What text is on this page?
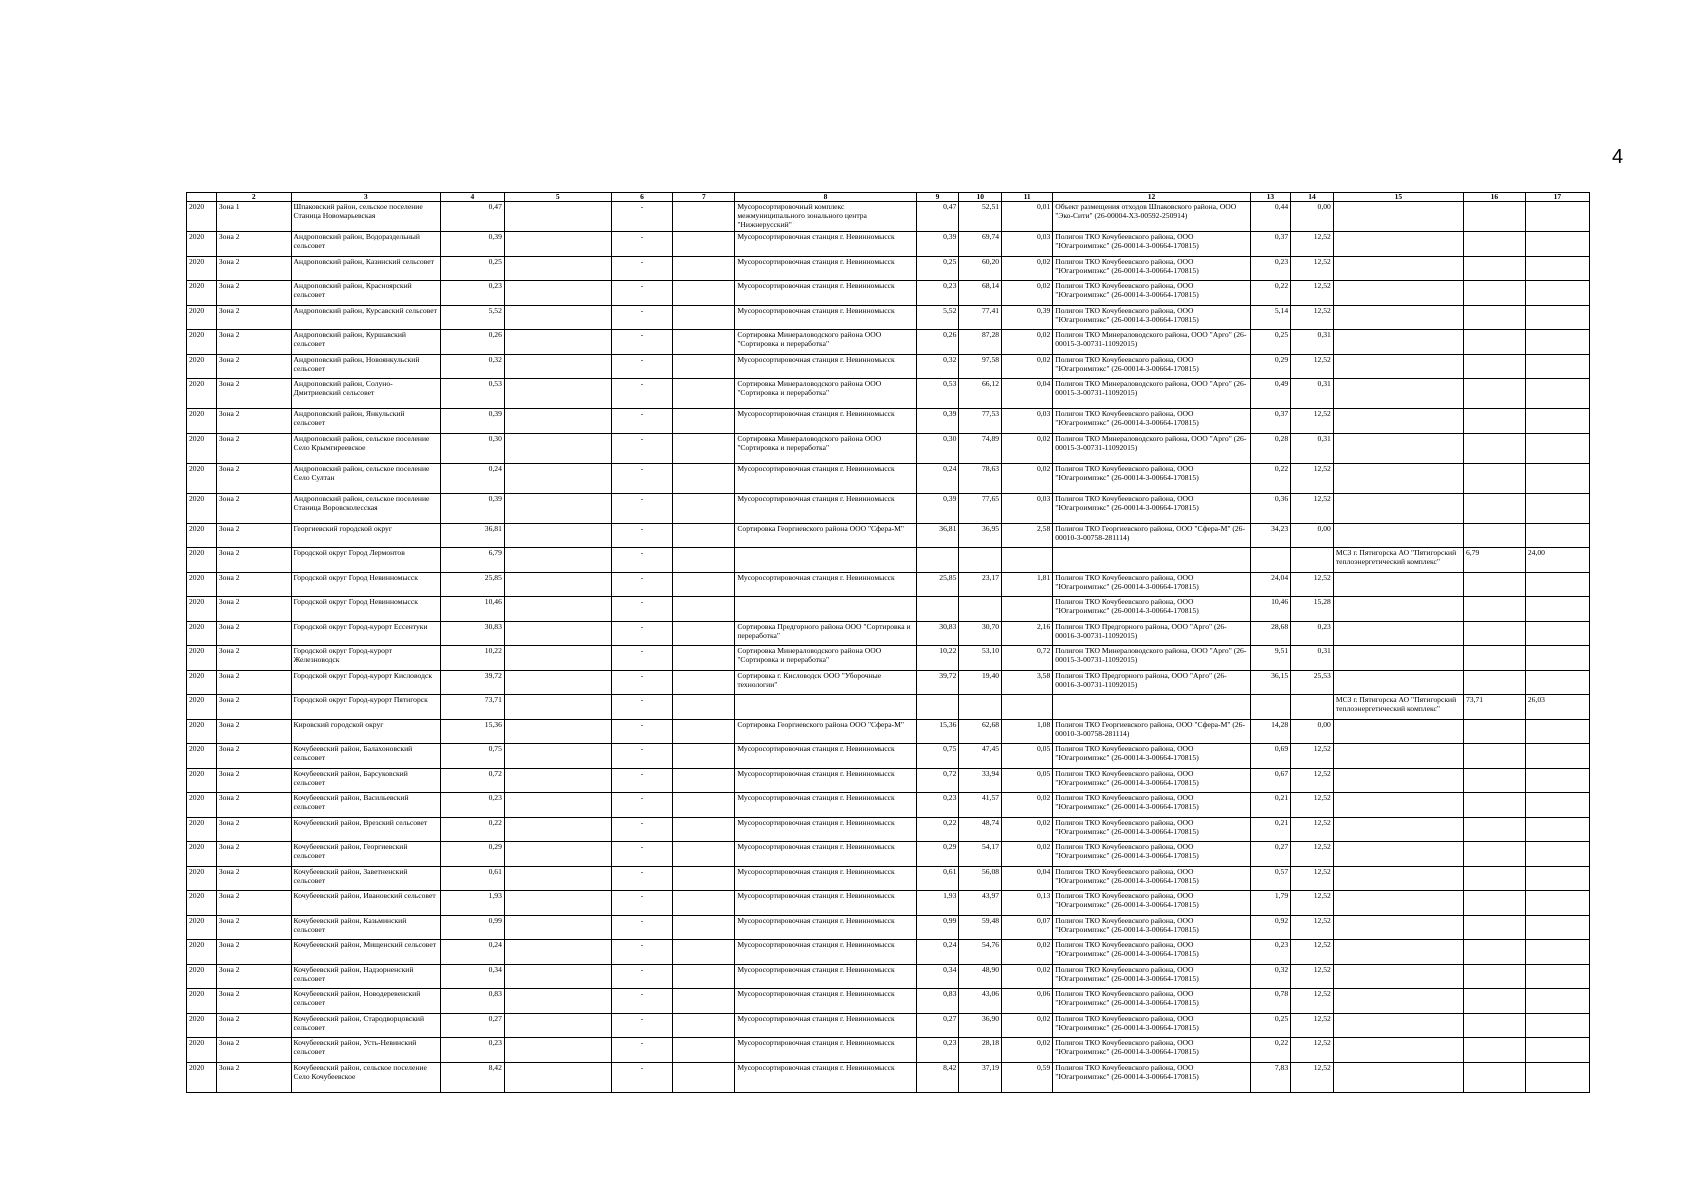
4
	2	3	4	5	6	7	8	9	10	11	12	13	14	15	16	17
2020	Зона 1	Шпаковский район, сельское поселение Станица Новомарьевская	0,47		-		Мусоросортировочный комплекс межмуниципального зонального центра "Нижнерусский"	0,47	52,51	0,01	Объект размещения отходов Шпаковского района, ООО "Эко-Сити" (26-00004-Х3-00592-250914)	0,44	0,00			
2020	Зона 2	Андроповский район, Водораздельный сельсовет	0,39		-		Мусоросортировочная станция г. Невинномысск	0,39	69,74	0,03	Полигон ТКО Кочубеевского района, ООО "Югагроимпэкс" (26-00014-3-00664-170815)	0,37	12,52			
2020	Зона 2	Андроповский район, Казинский сельсовет	0,25		-		Мусоросортировочная станция г. Невинномысск	0,25	60,20	0,02	Полигон ТКО Кочубеевского района, ООО "Югагроимпэкс" (26-00014-3-00664-170815)	0,23	12,52			
2020	Зона 2	Андроповский район, Красноярский сельсовет	0,23		-		Мусоросортировочная станция г. Невинномысск	0,23	68,14	0,02	Полигон ТКО Кочубеевского района, ООО "Югагроимпэкс" (26-00014-3-00664-170815)	0,22	12,52			
2020	Зона 2	Андроповский район, Курсавский сельсовет	5,52		-		Мусоросортировочная станция г. Невинномысск	5,52	77,41	0,39	Полигон ТКО Кочубеевского района, ООО "Югагроимпэкс" (26-00014-3-00664-170815)	5,14	12,52			
2020	Зона 2	Андроповский район, Куршавский сельсовет	0,26		-		Сортировка Минераловодского района ООО "Сортировка и переработка"	0,26	87,28	0,02	Полигон ТКО Минераловодского района, ООО "Арго" (26-00015-3-00731-11092015)	0,25	0,31			
2020	Зона 2	Андроповский район, Новоянкульский сельсовет	0,32		-		Мусоросортировочная станция г. Невинномысск	0,32	97,58	0,02	Полигон ТКО Кочубеевского района, ООО "Югагроимпэкс" (26-00014-3-00664-170815)	0,29	12,52			
2020	Зона 2	Андроповский район, Солуно-Дмитриевский сельсовет	0,53		-		Сортировка Минераловодского района ООО "Сортировка и переработка"	0,53	66,12	0,04	Полигон ТКО Минераловодского района, ООО "Арго" (26-00015-3-00731-11092015)	0,49	0,31			
2020	Зона 2	Андроповский район, Янкульский сельсовет	0,39		-		Мусоросортировочная станция г. Невинномысск	0,39	77,53	0,03	Полигон ТКО Кочубеевского района, ООО "Югагроимпэкс" (26-00014-3-00664-170815)	0,37	12,52			
2020	Зона 2	Андроповский район, сельское поселение Село Крымгиреевское	0,30		-		Сортировка Минераловодского района ООО "Сортировка и переработка"	0,30	74,89	0,02	Полигон ТКО Минераловодского района, ООО "Арго" (26-00015-3-00731-11092015)	0,28	0,31			
2020	Зона 2	Андроповский район, сельское поселение Село Султан	0,24		-		Мусоросортировочная станция г. Невинномысск	0,24	78,63	0,02	Полигон ТКО Кочубеевского района, ООО "Югагроимпэкс" (26-00014-3-00664-170815)	0,22	12,52			
2020	Зона 2	Андроповский район, сельское поселение Станица Воровсколесская	0,39		-		Мусоросортировочная станция г. Невинномысск	0,39	77,65	0,03	Полигон ТКО Кочубеевского района, ООО "Югагроимпэкс" (26-00014-3-00664-170815)	0,36	12,52			
2020	Зона 2	Георгиевский городской округ	36,81		-		Сортировка Георгиевского района ООО "Сфера-М"	36,81	36,95	2,58	Полигон ТКО Георгиевского района, ООО "Сфера-М" (26-00010-3-00758-281114)	34,23	0,00			
2020	Зона 2	Городской округ Город Лермонтов	6,79		-									МСЗ г. Пятигорска АО "Пятигорский теплоэнергетический комплекс"	6,79	24,00
2020	Зона 2	Городской округ Город Невинномысск	25,85		-		Мусоросортировочная станция г. Невинномысск	25,85	23,17	1,81	Полигон ТКО Кочубеевского района, ООО "Югагроимпэкс" (26-00014-3-00664-170815)	24,04	12,52			
2020	Зона 2	Городской округ Город Невинномысск	10,46		-						Полигон ТКО Кочубеевского района, ООО "Югагроимпэкс" (26-00014-3-00664-170815)	10,46	15,28			
2020	Зона 2	Городской округ Город-курорт Ессентуки	30,83		-		Сортировка Предгорного района ООО "Сортировка и переработка"	30,83	30,70	2,16	Полигон ТКО Предгорного района, ООО "Арго" (26-00016-3-00731-11092015)	28,68	0,23			
2020	Зона 2	Городской округ Город-курорт Железноводск	10,22		-		Сортировка Минераловодского района ООО "Сортировка и переработка"	10,22	53,10	0,72	Полигон ТКО Минераловодского района, ООО "Арго" (26-00015-3-00731-11092015)	9,51	0,31			
2020	Зона 2	Городской округ Город-курорт Кисловодск	39,72		-		Сортировка г. Кисловодск ООО "Уборочные технологии"	39,72	19,40	3,58	Полигон ТКО Предгорного района, ООО "Арго" (26-00016-3-00731-11092015)	36,15	25,53			
2020	Зона 2	Городской округ Город-курорт Пятигорск	73,71		-									МСЗ г. Пятигорска АО "Пятигорский теплоэнергетический комплекс"	73,71	26,03
2020	Зона 2	Кировский городской округ	15,36		-		Сортировка Георгиевского района ООО "Сфера-М"	15,36	62,68	1,08	Полигон ТКО Георгиевского района, ООО "Сфера-М" (26-00010-3-00758-281114)	14,28	0,00			
2020	Зона 2	Кочубеевский район, Балахоновский сельсовет	0,75		-		Мусоросортировочная станция г. Невинномысск	0,75	47,45	0,05	Полигон ТКО Кочубеевского района, ООО "Югагроимпэкс" (26-00014-3-00664-170815)	0,69	12,52			
2020	Зона 2	Кочубеевский район, Барсуковский сельсовет	0,72		-		Мусоросортировочная станция г. Невинномысск	0,72	33,94	0,05	Полигон ТКО Кочубеевского района, ООО "Югагроимпэкс" (26-00014-3-00664-170815)	0,67	12,52			
2020	Зона 2	Кочубеевский район, Васильевский сельсовет	0,23		-		Мусоросортировочная станция г. Невинномысск	0,23	41,57	0,02	Полигон ТКО Кочубеевского района, ООО "Югагроимпэкс" (26-00014-3-00664-170815)	0,21	12,52			
2020	Зона 2	Кочубеевский район, Врезский сельсовет	0,22		-		Мусоросортировочная станция г. Невинномысск	0,22	48,74	0,02	Полигон ТКО Кочубеевского района, ООО "Югагроимпэкс" (26-00014-3-00664-170815)	0,21	12,52			
2020	Зона 2	Кочубеевский район, Георгиевский сельсовет	0,29		-		Мусоросортировочная станция г. Невинномысск	0,29	54,17	0,02	Полигон ТКО Кочубеевского района, ООО "Югагроимпэкс" (26-00014-3-00664-170815)	0,27	12,52			
2020	Зона 2	Кочубеевский район, Заветненский сельсовет	0,61		-		Мусоросортировочная станция г. Невинномысск	0,61	56,08	0,04	Полигон ТКО Кочубеевского района, ООО "Югагроимпэкс" (26-00014-3-00664-170815)	0,57	12,52			
2020	Зона 2	Кочубеевский район, Ивановский сельсовет	1,93		-		Мусоросортировочная станция г. Невинномысск	1,93	43,97	0,13	Полигон ТКО Кочубеевского района, ООО "Югагроимпэкс" (26-00014-3-00664-170815)	1,79	12,52			
2020	Зона 2	Кочубеевский район, Казьминский сельсовет	0,99		-		Мусоросортировочная станция г. Невинномысск	0,99	59,48	0,07	Полигон ТКО Кочубеевского района, ООО "Югагроимпэкс" (26-00014-3-00664-170815)	0,92	12,52			
2020	Зона 2	Кочубеевский район, Мищенский сельсовет	0,24		-		Мусоросортировочная станция г. Невинномысск	0,24	54,76	0,02	Полигон ТКО Кочубеевского района, ООО "Югагроимпэкс" (26-00014-3-00664-170815)	0,23	12,52			
2020	Зона 2	Кочубеевский район, Надзорненский сельсовет	0,34		-		Мусоросортировочная станция г. Невинномысск	0,34	48,90	0,02	Полигон ТКО Кочубеевского района, ООО "Югагроимпэкс" (26-00014-3-00664-170815)	0,32	12,52			
2020	Зона 2	Кочубеевский район, Новодеревенский сельсовет	0,83		-		Мусоросортировочная станция г. Невинномысск	0,83	43,06	0,06	Полигон ТКО Кочубеевского района, ООО "Югагроимпэкс" (26-00014-3-00664-170815)	0,78	12,52			
2020	Зона 2	Кочубеевский район, Стародворцовский сельсовет	0,27		-		Мусоросортировочная станция г. Невинномысск	0,27	36,90	0,02	Полигон ТКО Кочубеевского района, ООО "Югагроимпэкс" (26-00014-3-00664-170815)	0,25	12,52			
2020	Зона 2	Кочубеевский район, Усть-Невинский сельсовет	0,23		-		Мусоросортировочная станция г. Невинномысск	0,23	28,18	0,02	Полигон ТКО Кочубеевского района, ООО "Югагроимпэкс" (26-00014-3-00664-170815)	0,22	12,52			
2020	Зона 2	Кочубеевский район, сельское поселение Село Кочубеевское	8,42		-		Мусоросортировочная станция г. Невинномысск	8,42	37,19	0,59	Полигон ТКО Кочубеевского района, ООО "Югагроимпэкс" (26-00014-3-00664-170815)	7,83	12,52			
